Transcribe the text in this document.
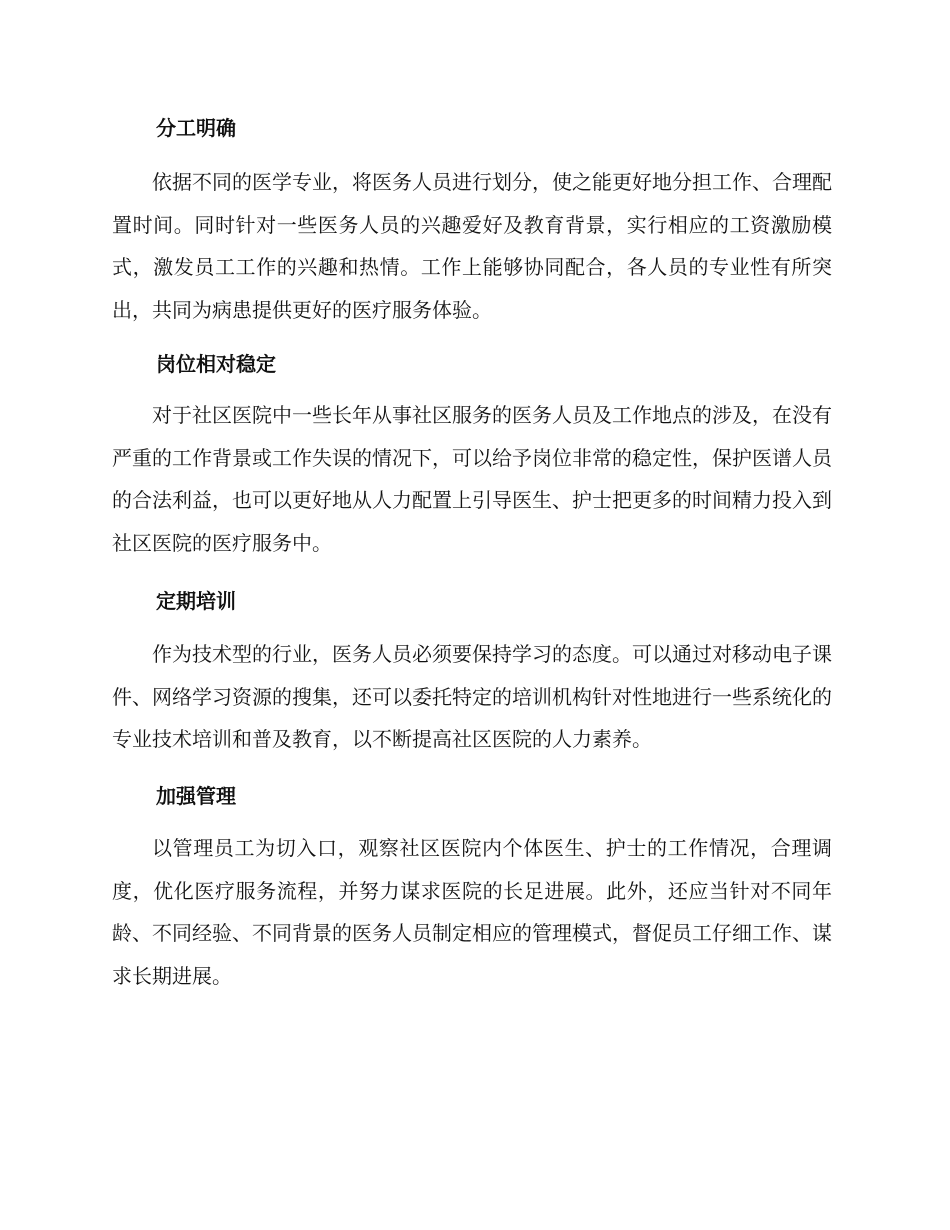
分工明确

依据不同的医学专业，将医务人员进行划分，使之能更好地分担工作、合理配置时间。同时针对一些医务人员的兴趣爱好及教育背景，实行相应的工资激励模式，激发员工工作的兴趣和热情。工作上能够协同配合，各人员的专业性有所突出，共同为病患提供更好的医疗服务体验。

岗位相对稳定

对于社区医院中一些长年从事社区服务的医务人员及工作地点的涉及，在没有严重的工作背景或工作失误的情况下，可以给予岗位非常的稳定性，保护医谱人员的合法利益，也可以更好地从人力配置上引导医生、护士把更多的时间精力投入到社区医院的医疗服务中。

定期培训

作为技术型的行业，医务人员必须要保持学习的态度。可以通过对移动电子课件、网络学习资源的搜集，还可以委托特定的培训机构针对性地进行一些系统化的专业技术培训和普及教育，以不断提高社区医院的人力素养。

加强管理

以管理员工为切入口，观察社区医院内个体医生、护士的工作情况，合理调度，优化医疗服务流程，并努力谋求医院的长足进展。此外，还应当针对不同年龄、不同经验、不同背景的医务人员制定相应的管理模式，督促员工仔细工作、谋求长期进展。
